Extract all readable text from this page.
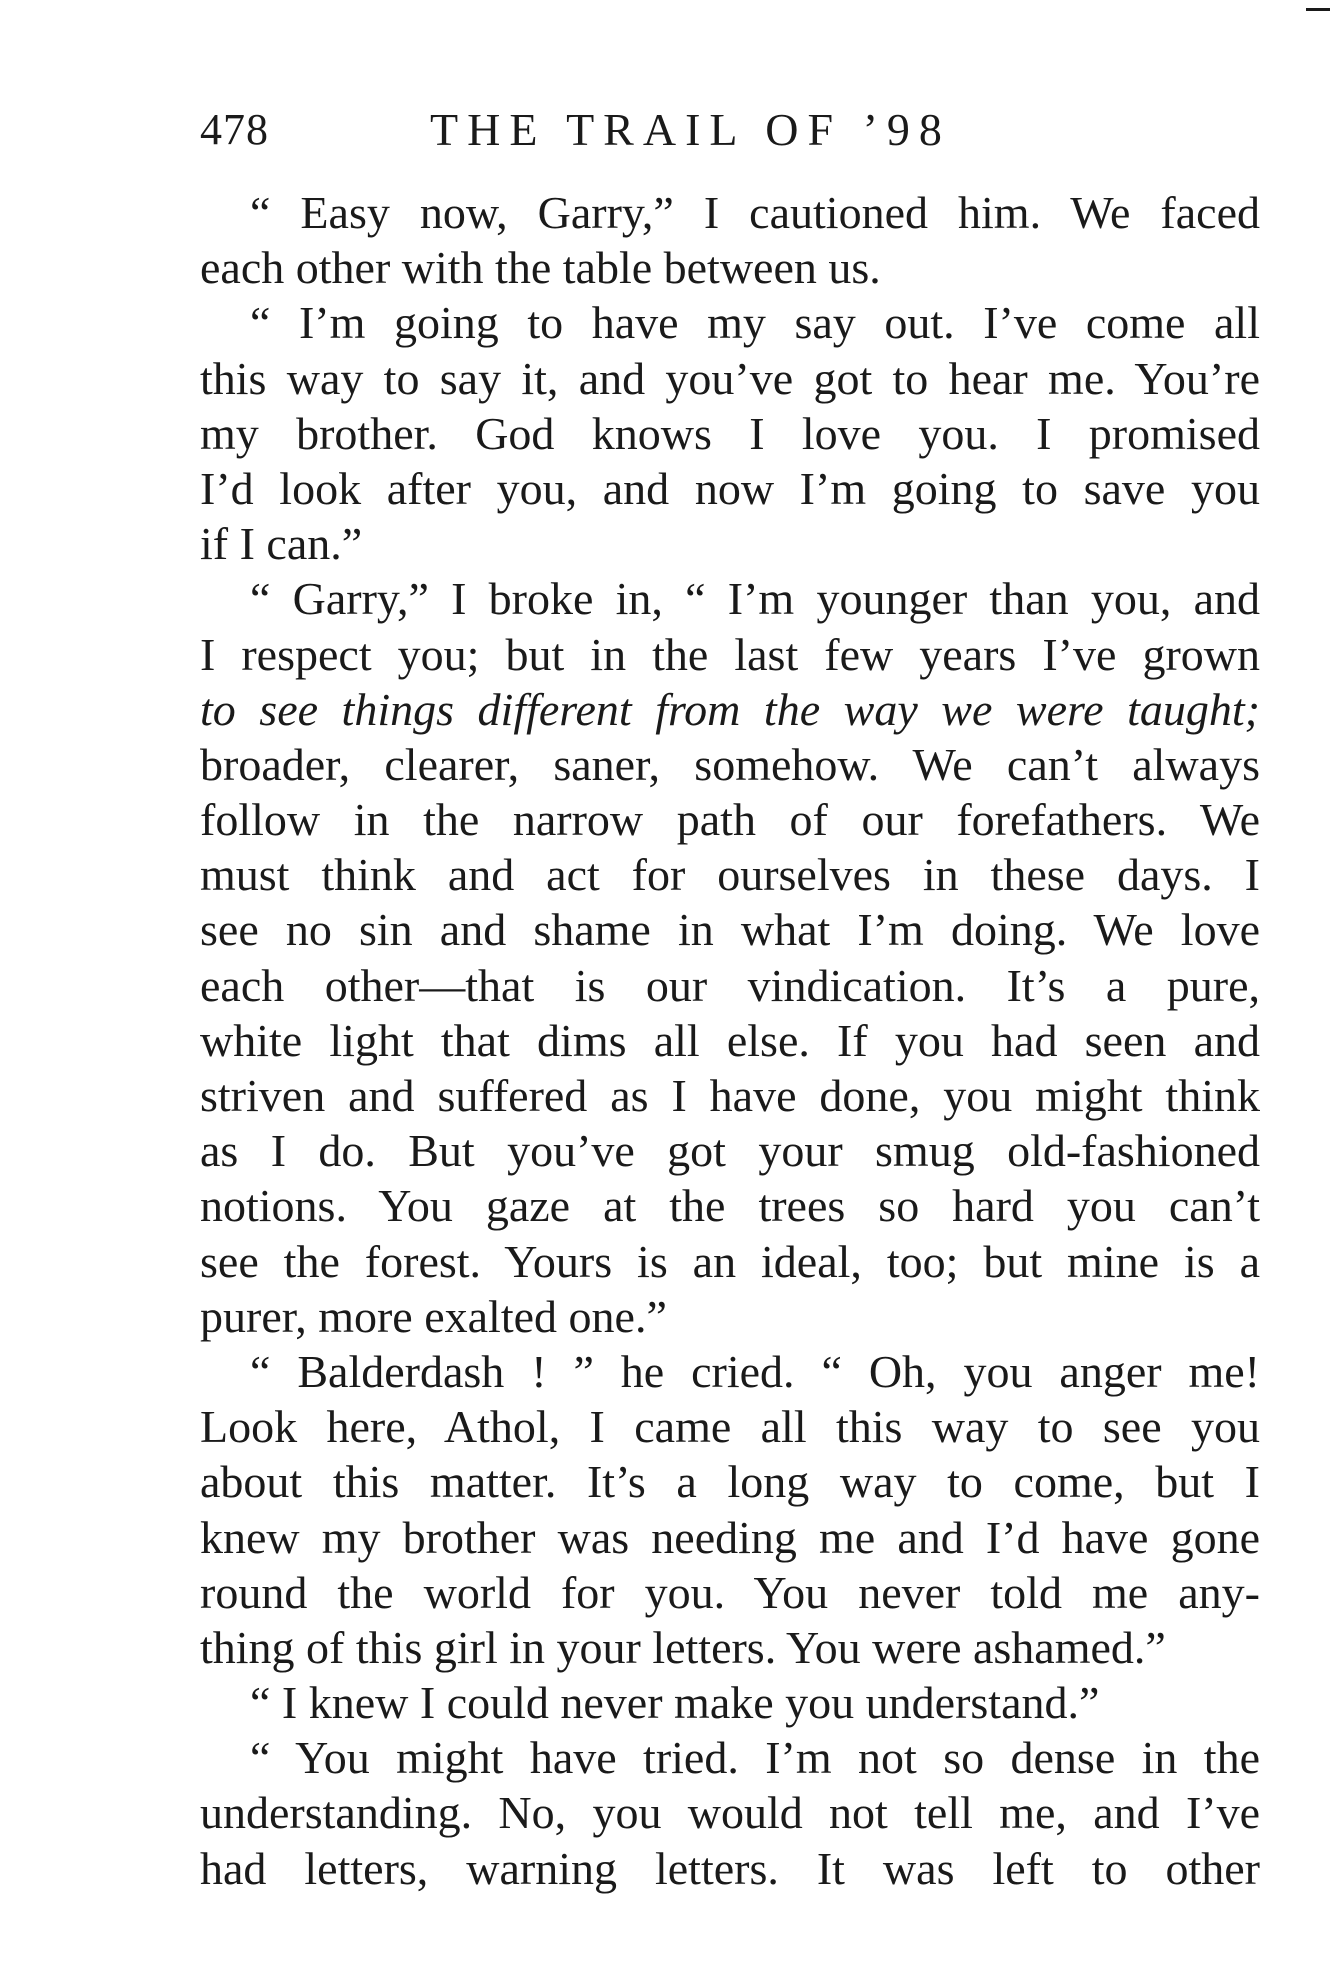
478	THE TRAIL OF ’98
“ Easy now, Garry,” I cautioned him. We faced
each other with the table between us.
“ I’m going to have my say out. I’ve come all
this way to say it, and you’ve got to hear me. You’re
my brother. God knows I love you. I promised
I’d look after you, and now I’m going to save you
if I can.”
“ Garry,” I broke in, “ I’m younger than you, and
I respect you; but in the last few years I’ve grown
to see things different from the way we were taught;
broader, clearer, saner, somehow. We can’t always
follow in the narrow path of our forefathers. We
must think and act for ourselves in these days. I
see no sin and shame in what I’m doing. We love
each other—that is our vindication. It’s a pure,
white light that dims all else. If you had seen and
striven and suffered as I have done, you might think
as I do. But you’ve got your smug old-fashioned
notions. You gaze at the trees so hard you can’t
see the forest. Yours is an ideal, too; but mine is a
purer, more exalted one.”
“ Balderdash ! ” he cried. “ Oh, you anger me!
Look here, Athol, I came all this way to see you
about this matter. It’s a long way to come, but I
knew my brother was needing me and I’d have gone
round the world for you. You never told me any-
thing of this girl in your letters. You were ashamed.”
“ I knew I could never make you understand.”
“ You might have tried. I’m not so dense in the
understanding. No, you would not tell me, and I’ve
had letters, warning letters. It was left to other
